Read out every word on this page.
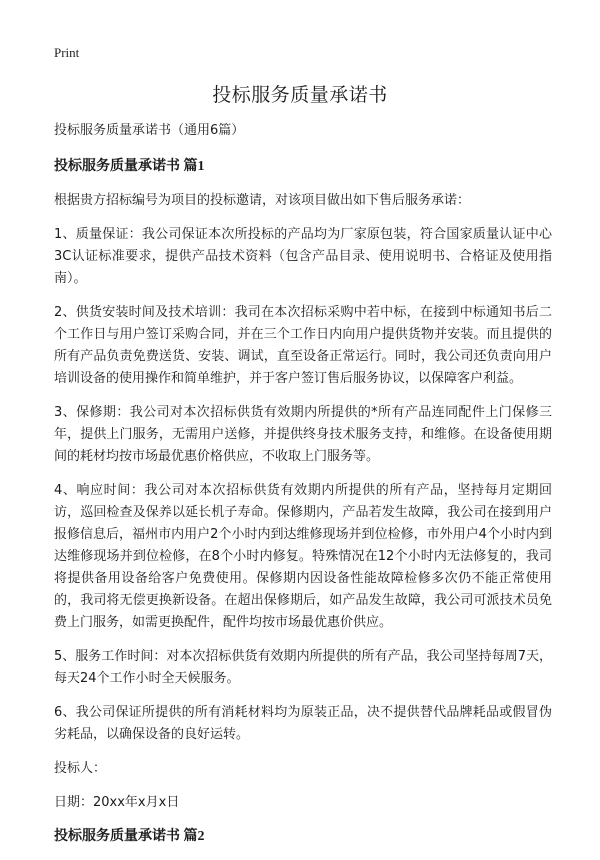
Print
投标服务质量承诺书

投标服务质量承诺书（通用6篇）

投标服务质量承诺书 篇1

根据贵方招标编号为项目的投标邀请，对该项目做出如下售后服务承诺：

1、质量保证：我公司保证本次所投标的产品均为厂家原包装，符合国家质量认证中心3C认证标准要求，提供产品技术资料（包含产品目录、使用说明书、合格证及使用指南）。

2、供货安装时间及技术培训：我司在本次招标采购中若中标，在接到中标通知书后二个工作日与用户签订采购合同，并在三个工作日内向用户提供货物并安装。而且提供的所有产品负责免费送货、安装、调试，直至设备正常运行。同时，我公司还负责向用户培训设备的使用操作和简单维护，并于客户签订售后服务协议，以保障客户利益。

3、保修期：我公司对本次招标供货有效期内所提供的*所有产品连同配件上门保修三年，提供上门服务，无需用户送修，并提供终身技术服务支持，和维修。在设备使用期间的耗材均按市场最优惠价格供应，不收取上门服务等。

4、响应时间：我公司对本次招标供货有效期内所提供的所有产品，坚持每月定期回访，巡回检查及保养以延长机子寿命。保修期内，产品若发生故障，我公司在接到用户报修信息后，福州市内用户2个小时内到达维修现场并到位检修，市外用户4个小时内到达维修现场并到位检修，在8个小时内修复。特殊情况在12个小时内无法修复的，我司将提供备用设备给客户免费使用。保修期内因设备性能故障检修多次仍不能正常使用的，我司将无偿更换新设备。在超出保修期后，如产品发生故障，我公司可派技术员免费上门服务，如需更换配件，配件均按市场最优惠价供应。

5、服务工作时间：对本次招标供货有效期内所提供的所有产品，我公司坚持每周7天，每天24个工作小时全天候服务。

6、我公司保证所提供的所有消耗材料均为原装正品，决不提供替代品牌耗品或假冒伪劣耗品，以确保设备的良好运转。

投标人：

日期：20xx年x月x日

投标服务质量承诺书 篇2
